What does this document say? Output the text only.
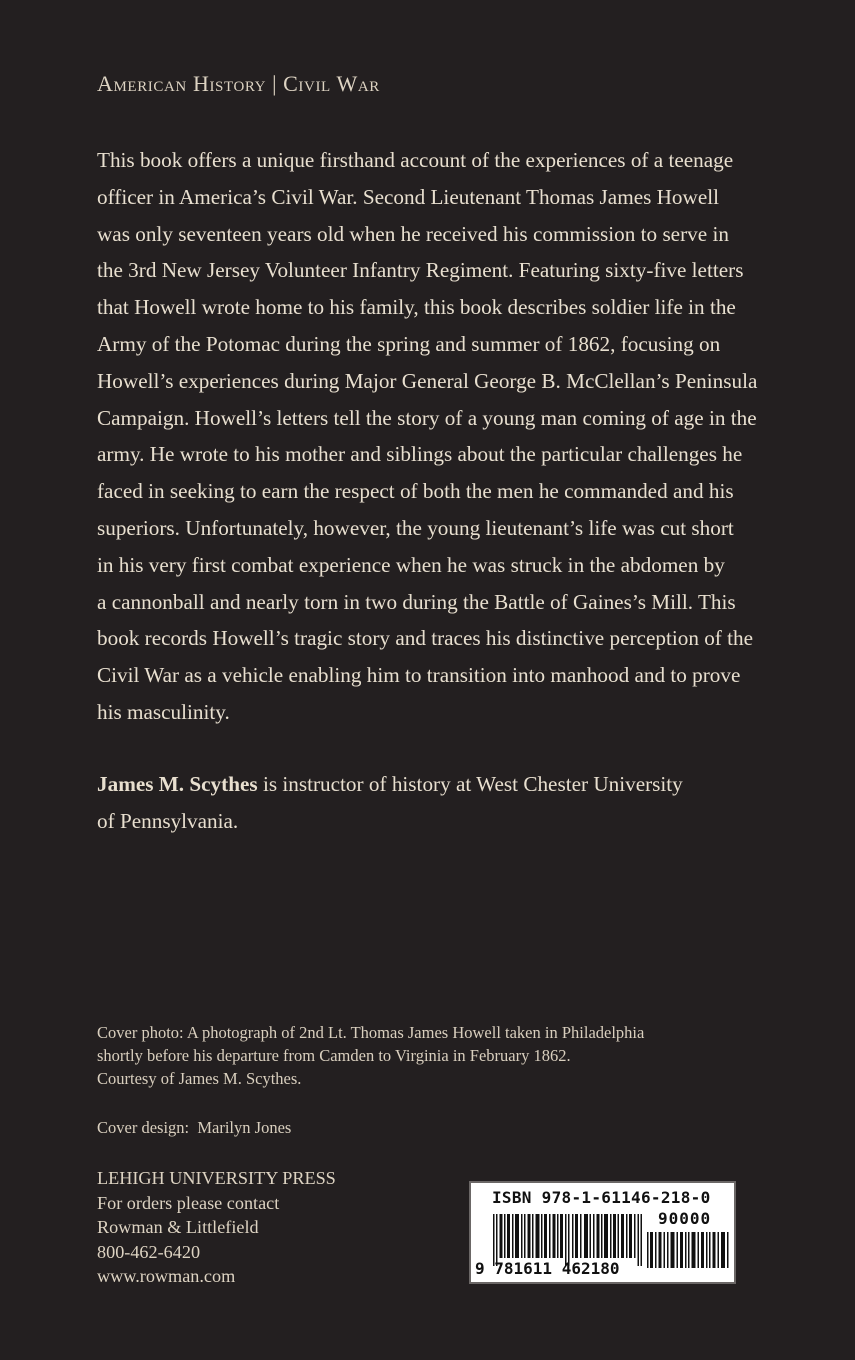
American History | Civil War
This book offers a unique firsthand account of the experiences of a teenage
officer in America’s Civil War. Second Lieutenant Thomas James Howell
was only seventeen years old when he received his commission to serve in
the 3rd New Jersey Volunteer Infantry Regiment. Featuring sixty-five letters
that Howell wrote home to his family, this book describes soldier life in the
Army of the Potomac during the spring and summer of 1862, focusing on
Howell’s experiences during Major General George B. McClellan’s Peninsula
Campaign. Howell’s letters tell the story of a young man coming of age in the
army. He wrote to his mother and siblings about the particular challenges he
faced in seeking to earn the respect of both the men he commanded and his
superiors. Unfortunately, however, the young lieutenant’s life was cut short
in his very first combat experience when he was struck in the abdomen by
a cannonball and nearly torn in two during the Battle of Gaines’s Mill. This
book records Howell’s tragic story and traces his distinctive perception of the
Civil War as a vehicle enabling him to transition into manhood and to prove
his masculinity.
James M. Scythes is instructor of history at West Chester University
of Pennsylvania.
Cover photo: A photograph of 2nd Lt. Thomas James Howell taken in Philadelphia
shortly before his departure from Camden to Virginia in February 1862.
Courtesy of James M. Scythes.
Cover design:  Marilyn Jones
LEHIGH UNIVERSITY PRESS
For orders please contact
Rowman & Littlefield
800-462-6420
www.rowman.com
ISBN 978-1-61146-218-0
90000
9 781611 462180
